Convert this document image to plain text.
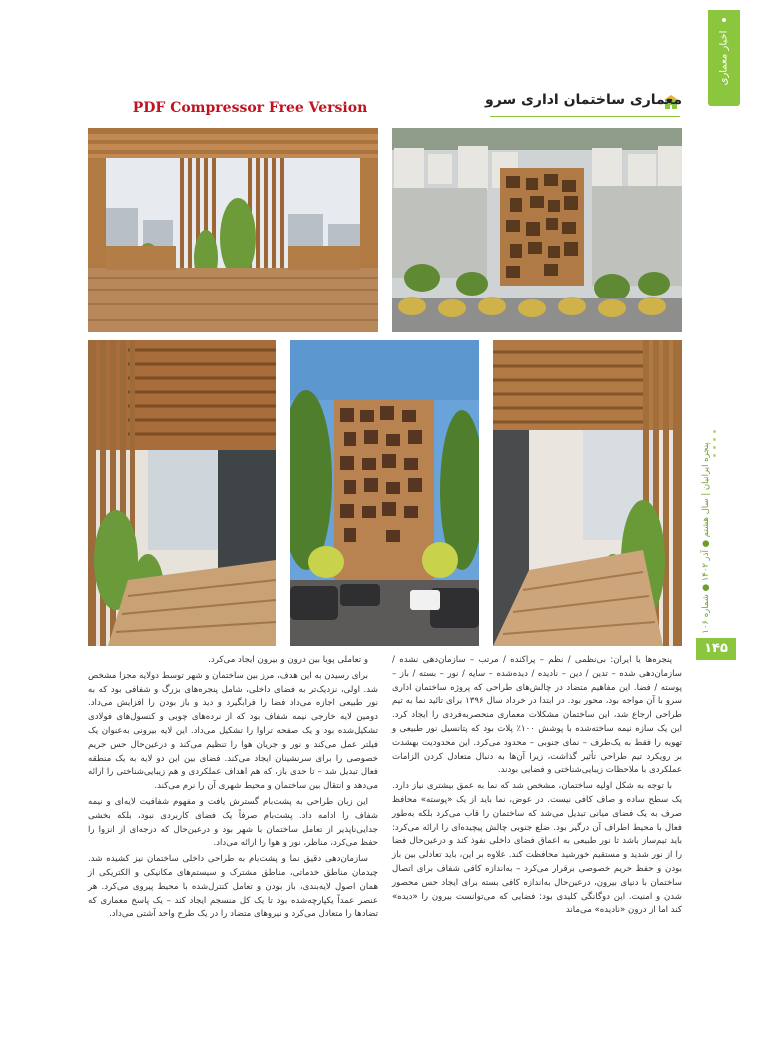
اخبار معماری
معماری ساختمان اداری سرو
PDF Compressor Free Version
پنجره ایرانیان | سال هشتم ● آذر ۱۴۰۲ ● شماره ۱۰۶
۱۴۵

پنجره‌ها یا ایران: بی‌نظمی / نظم – پراکنده / مرتب – سازمان‌دهی نشده / سازمان‌دهی شده – تدین / دین – نادیده / دیده‌شده – سایه / نور – بسته / باز – پوسته / فضا. این مفاهیم متضاد در چالش‌های طراحی که پروژه ساختمان اداری سرو با آن مواجه بود، محور بود. در ابتدا در خرداد سال ۱۳۹۶ برای تائید نما به تیم طراحی ارجاع شد، این ساختمان مشکلات معماری منحصربه‌فردی را ایجاد کرد. این یک سازه نیمه ساخته‌شده با پوشش ۱۰۰٪ پلات بود که پتانسیل نور طبیعی و تهویه را فقط به یک‌طرف – نمای جنوبی – محدود می‌کرد. این محدودیت بهشدت بر رویکرد تیم طراحی تأثیر گذاشت، زیرا آن‌ها به دنبال متعادل کردن الزامات عملکردی با ملاحظات زیبایی‌شناختی و فضایی بودند.

با توجه به شکل اولیه ساختمان، مشخص شد که نما به عمق بیشتری نیاز دارد. یک سطح ساده و صاف کافی نیست. در عوض، نما باید از یک «پوسته» محافظ صرف به یک فضای میانی تبدیل می‌شد که ساختمان را قاب می‌کرد بلکه به‌طور فعال با محیط اطراف آن درگیر بود. ضلع جنوبی چالش پیچیده‌ای را ارائه می‌کرد: باید تیم‌ساز باشد تا نور طبیعی به اعماق فضای داخلی نفوذ کند و درعین‌حال فضا را از نور شدید و مستقیم خورشید محافظت کند. علاوه بر این، باید تعادلی بین باز بودن و حفظ حریم خصوصی برقرار می‌کرد – به‌اندازه کافی شفاف برای اتصال ساختمان با دنیای بیرون، درعین‌حال به‌اندازه کافی بسته برای ایجاد حس محصور شدن و امنیت. این دوگانگی کلیدی بود: فضایی که می‌توانست بیرون را «دیده» کند اما از درون «نادیده» می‌ماند

و تعاملی پویا بین درون و بیرون ایجاد می‌کرد.

برای رسیدن به این هدف، مرز بین ساختمان و شهر توسط دولایه مجزا مشخص شد. اولی، نزدیک‌تر به فضای داخلی، شامل پنجره‌های بزرگ و شفافی بود که به نور طبیعی اجازه می‌داد فضا را فرابگیرد و دید و باز بودن را افزایش می‌داد. دومین لایه خارجی نیمه شفاف بود که از نرده‌های چوبی و کنسول‌های فولادی تشکیل‌شده بود و یک صفحه تراوا را تشکیل می‌داد. این لایه بیرونی به‌عنوان یک فیلتر عمل می‌کند و نور و جریان هوا را تنظیم می‌کند و درعین‌حال حس حریم خصوصی را برای سرنشینان ایجاد می‌کند. فضای بین این دو لایه به یک منطقه فعال تبدیل شد – تا حدی باز، که هم اهداف عملکردی و هم زیبایی‌شناختی را ارائه می‌دهد و انتقال بین ساختمان و محیط شهری آن را نرم می‌کند.

این زبان طراحی به پشت‌بام گسترش یافت و مفهوم شفافیت لایه‌ای و نیمه شفاف را ادامه داد. پشت‌بام صرفاً یک فضای کاربردی نبود، بلکه بخشی جدایی‌ناپذیر از تعامل ساختمان با شهر بود و درعین‌حال که درجه‌ای از انزوا را حفظ می‌کرد، مناظر، نور و هوا را ارائه می‌داد.

سازمان‌دهی دقیق نما و پشت‌بام به طراحی داخلی ساختمان نیز کشیده شد. چیدمان مناطق خدماتی، مناطق مشترک و سیستم‌های مکانیکی و الکتریکی از همان اصول لایه‌بندی، باز بودن و تعامل کنترل‌شده با محیط پیروی می‌کرد. هر عنصر عمداً یکپارچه‌شده بود تا یک کل منسجم ایجاد کند – یک پاسخ معماری که تضادها را متعادل می‌کرد و نیروهای متضاد را در یک طرح واحد آشتی می‌داد.
